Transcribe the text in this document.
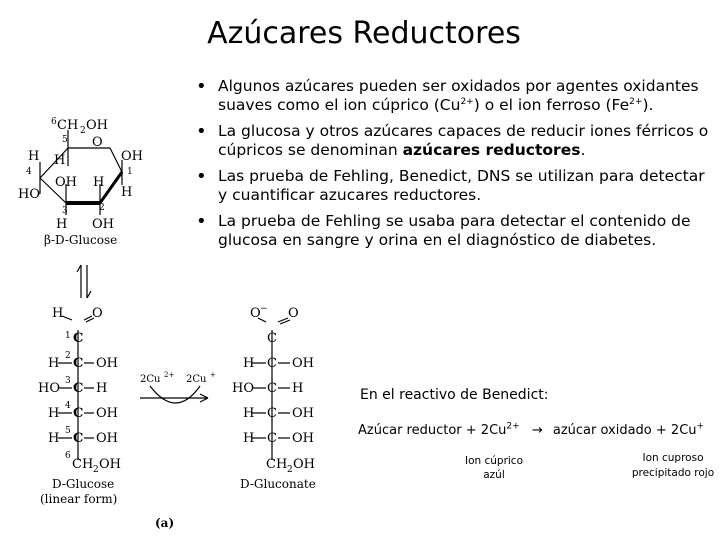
Azúcares Reductores
• Algunos azúcares pueden ser oxidados por agentes oxidantes suaves como el ion cúprico $(Cu^{2+})$ o el ion ferroso $(Fe^{2+})$.
• La glucosa y otros azúcares capaces de reducir iones férricos o cúpricos se denominan azúcares reductores.
• Las prueba de Fehling, Benedict, DNS se utilizan para detectar y cuantificar azucares reductores.
• La prueba de Fehling se usaba para detectar el contenido de glucosa en sangre y orina en el diagnóstico de diabetes.
6 CH 2 OH
5 O
H H	OH
4	1
OH H
HO	H
3	2
H OH
β-D-Glucose
H O
1 C
2
H C OH
3
HO C H
4
H C OH
5
H C OH
6
CH 2 OH
D-Glucose
(linear form)
2Cu 2+ 2Cu +
O − O
C
H C OH
HO C H
H C OH
H C OH
CH 2 OH
D-Gluconate
(a)
En el reactivo de Benedict:
Azúcar reductor + $2Cu^{2+}$ → azúcar oxidado + 2Cu+
Ion cúprico
azúl
Ion cuproso
precipitado rojo
